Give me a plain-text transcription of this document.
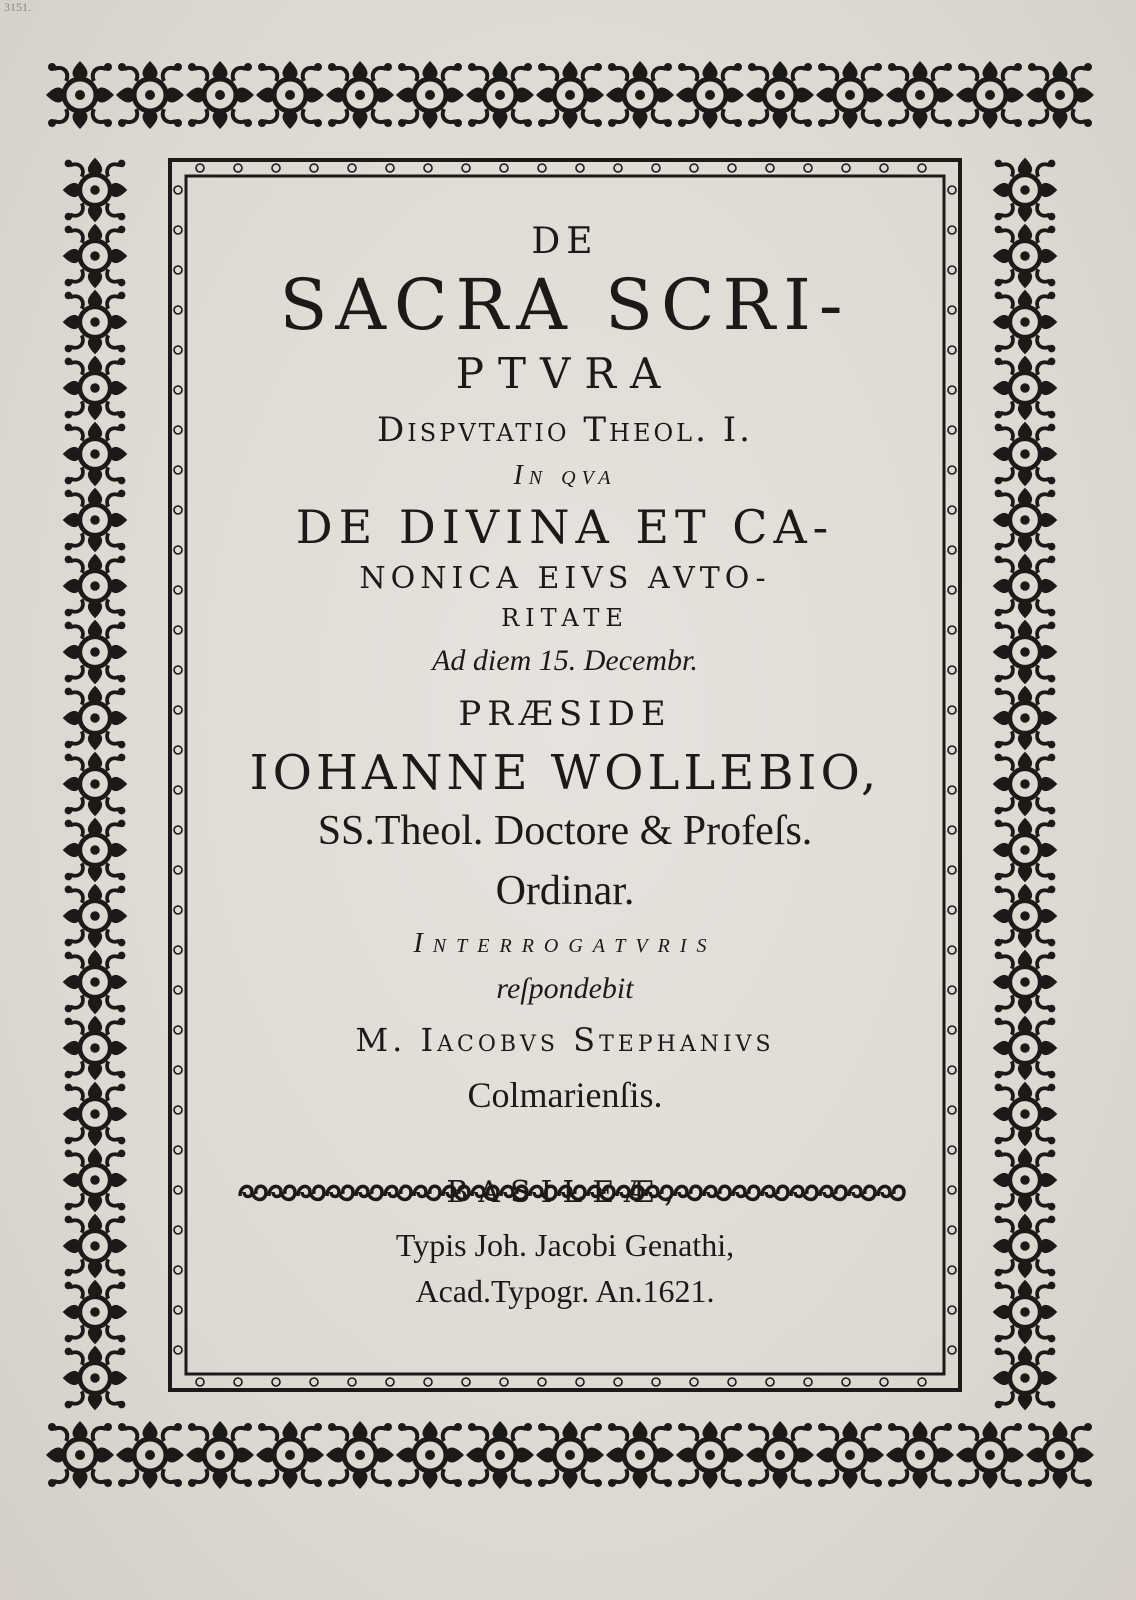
3151.
DE
SACRA SCRI-
PTVRA
Dispvtatio Theol. I.
In qva
DE DIVINA ET CA-
NONICA EIVS AVTO-
RITATE
Ad diem 15. Decembr.
PRÆSIDE
IOHANNE WOLLEBIO,
SS.Theol. Doctore & Profeſs.
Ordinar.
Interrogatvris
reſpondebit
M. Iacobvs Stephanivs
Colmarienſis.
BASILEÆ,
Typis Joh. Jacobi Genathi,
Acad.Typogr. An.1621.
